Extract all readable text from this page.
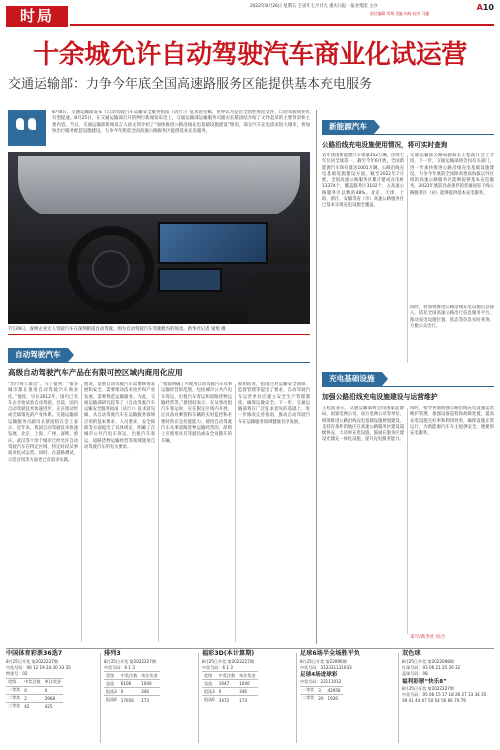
时局
2022年8月26日 星期五 壬寅年七月廿九 重庆日报 · 报业集团 主办
责任编辑 刘翔 美编 向杨 校对 马捷
A10
十余城允许自动驾驶汽车商业化试运营
交通运输部：力争今年底全国高速路服务区能提供基本充电服务
8月8日，交通运输部发布《自动驾驶汽车运输安全服务指南（试行）》征求意见稿，业界认为是首全国性规范文件，自动驾驶商业化有望提速。8月25日，在交通运输部召开的例行新闻发布会上，交通运输部运输服务司副司长蔡团结介绍了文件起草的主要背景和主要内容。当日，交通运输部新闻发言人孙文剑介绍了“加快推进公路沿线充电基础设施建设”情况，部分汽车充电需求较大城市，将加快出行服务配套设施建设，力争今年底前全国高速公路服务区提供基本充电服务。
7月29日，深圳企业无人驾驶汽车在深圳街道自动驾驶。图为自动驾驶汽车驾驶舱内的场景。新华社记者 梁旭 摄
自动驾驶汽车
高级自动驾驶汽车产品在有限可控区域内商用化应用
“出行每人都会”，马丁提到：“很多城市都在推进自动驾驶汽车商业化。”他说，早在2012年，国内已有车企开始试验自动驾驶。目前，国内自动驾驶技术快速进步，正在推动形成全球领先的产业体系。交通运输部运输服务司副司长蔡团结在会上表示，近年来，我国自动驾驶技术快速发展，北京、上海、广州、深圳、重庆、武汉等十余个城市已经允许自动驾驶汽车在特定区域、特定时段从事商业化试运营。同时，在道路测试、示范应用等方面也已有较多实践。
他说，发展自动驾驶汽车需要统筹发展和安全，需要推动技术进步和产业发展，需要规范运输服务。为此，交通运输部研究起草了《自动驾驶汽车运输安全服务指南（试行）》征求意见稿，从自动驾驶汽车在运输服务领域应用的基本要求、人员要求、安全保障等方面提出了具体规定，明确了在城市公共汽电车客运、出租汽车客运、道路货物运输经营等领域使用自动驾驶汽车的有关要求。
“指南明确了可使用自动驾驶汽车从事运输经营的范围，包括城市公共汽电车客运、出租汽车客运和道路货物运输经营等。”蔡团结表示，在从事出租汽车客运时，应在限定区域内开展，应具备对乘客和车辆的实时监控和必要时的应急处置能力。使用自动驾驶汽车从事道路货物运输经营的，原则上应使用具有驾驶员或安全员随车的车辆。
蔡团结说，指南还对运输安全保障、监督管理等提出了要求，自动驾驶汽车运营单位应建立安全生产管理制度，确保运输安全。下一步，交通运输部将在广泛征求意见的基础上，进一步修改完善指南，推动自动驾驶汽车在运输服务领域健康有序发展。
新能源汽车
公路沿线充电设施使用情况，将可实时查询
去年我国新能源汽车销量352万辆，连续七年位居全球第一。截至今年6月底，全国新能源汽车保有量达1001万辆。公路沿线充电基础设施建设方面，截至2022年7月底，全国高速公路服务区累计建成充电桩13374个，覆盖服务区3102个，占高速公路服务区总数的48%。北京、天津、上海、浙江、安徽等省（市）高速公路服务区已基本实现充电设施全覆盖。
交通运输部公路局副局长王松波在会上介绍，下一步，交通运输部将会同有关部门，进一步加快推进公路沿线充电基础设施建设，力争今年底前全国除高寒高海拔以外区域的高速公路服务区能够提供基本充电服务，2023年底前具备条件的普通国省干线公路服务区（站）能够提供基本充电服务。
同时，将加快推进公路沿线充电设施信息接入，依托全国高速公路出行信息服务平台，推动充电设施位置、状态等信息实时查询，方便公众出行。
充电基础设施
加强公路沿线充电设施建设与运营维护
王松波表示，交通运输部将会同国家能源局、国家电网公司、南方电网公司等单位，统筹推进公路沿线充电基础设施规划建设，支持有条件的地区在高速公路服务区建设超级快充、大功率充电设施，鼓励在服务区建设光储充一体化设施，提升充电服务能力。
同时，指导各地加强公路沿线充电设施运营维护管理，加强设备巡检和故障处置，提高充电设施完好率和利用效率，确保设施正常运行，为新能源汽车车主提供安全、便捷的充电服务。
采写/新华社 综合
中国体育彩票36选7
8月25日开奖 第2022227期
中奖号码：06 12 19 24 30 33 35
特别号：02
奖级	中奖注数	单注奖金
一等奖	0	0
二等奖	2	3968
三等奖	42	425
排列3
8月25日开奖 第2022227期
中奖号码：6 1 3
奖级	中奖注数	单注奖金
直选	6106	1040
组选3	0	346
组选6	17656	173
福彩3D(本计算期)
8月25日开奖 第2022227期
中奖号码：6 1 3
奖级	中奖注数	单注奖金
直选	1647	1040
组选3	0	346
组选6	3472	173
足球6场半全场胜平负
8月25日开奖 第22096期
中奖号码：313331131033
足球4场进球彩
中奖号码：22111012
一等奖	3	42956
二等奖	20	1930
双色球
8月25日开奖 第2022098期
红球号码：03 06 21 25 30 32
蓝球号码：08
福利彩票“快乐8”
8月25日开奖 第2022227期
中奖号码：05 06 15 17 18 26 27 33 34 35
39 41 44 47 50 54 56 66 70 79
